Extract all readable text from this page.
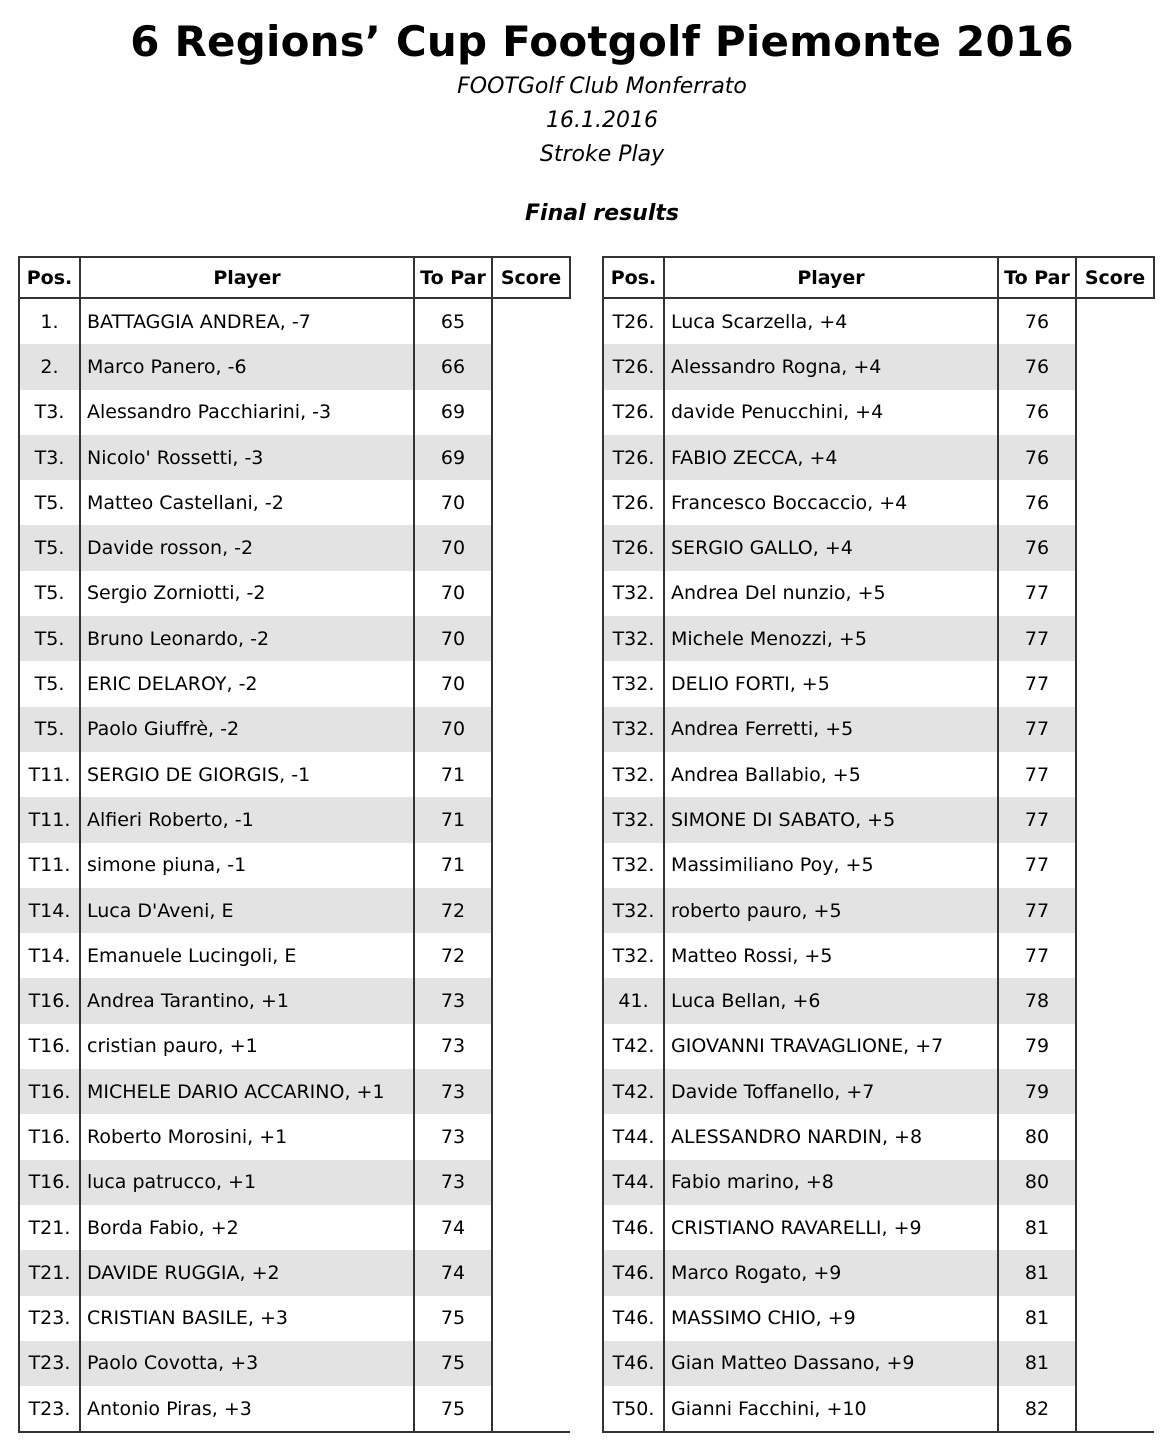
6 Regions’ Cup Footgolf Piemonte 2016
FOOTGolf Club Monferrato
16.1.2016
Stroke Play
Final results
Pos.	Player	To Par	Score
1.	BATTAGGIA ANDREA, -7	65	
2.	Marco Panero, -6	66	
T3.	Alessandro Pacchiarini, -3	69	
T3.	Nicolo' Rossetti, -3	69	
T5.	Matteo Castellani, -2	70	
T5.	Davide rosson, -2	70	
T5.	Sergio Zorniotti, -2	70	
T5.	Bruno Leonardo, -2	70	
T5.	ERIC DELAROY, -2	70	
T5.	Paolo Giuffrè, -2	70	
T11.	SERGIO DE GIORGIS, -1	71	
T11.	Alfieri Roberto, -1	71	
T11.	simone piuna, -1	71	
T14.	Luca D'Aveni, E	72	
T14.	Emanuele Lucingoli, E	72	
T16.	Andrea Tarantino, +1	73	
T16.	cristian pauro, +1	73	
T16.	MICHELE DARIO ACCARINO, +1	73	
T16.	Roberto Morosini, +1	73	
T16.	luca patrucco, +1	73	
T21.	Borda Fabio, +2	74	
T21.	DAVIDE RUGGIA, +2	74	
T23.	CRISTIAN BASILE, +3	75	
T23.	Paolo Covotta, +3	75	
T23.	Antonio Piras, +3	75	
Pos.	Player	To Par	Score
T26.	Luca Scarzella, +4	76	
T26.	Alessandro Rogna, +4	76	
T26.	davide Penucchini, +4	76	
T26.	FABIO ZECCA, +4	76	
T26.	Francesco Boccaccio, +4	76	
T26.	SERGIO GALLO, +4	76	
T32.	Andrea Del nunzio, +5	77	
T32.	Michele Menozzi, +5	77	
T32.	DELIO FORTI, +5	77	
T32.	Andrea Ferretti, +5	77	
T32.	Andrea Ballabio, +5	77	
T32.	SIMONE DI SABATO, +5	77	
T32.	Massimiliano Poy, +5	77	
T32.	roberto pauro, +5	77	
T32.	Matteo Rossi, +5	77	
41.	Luca Bellan, +6	78	
T42.	GIOVANNI TRAVAGLIONE, +7	79	
T42.	Davide Toffanello, +7	79	
T44.	ALESSANDRO NARDIN, +8	80	
T44.	Fabio marino, +8	80	
T46.	CRISTIANO RAVARELLI, +9	81	
T46.	Marco Rogato, +9	81	
T46.	MASSIMO CHIO, +9	81	
T46.	Gian Matteo Dassano, +9	81	
T50.	Gianni Facchini, +10	82	
